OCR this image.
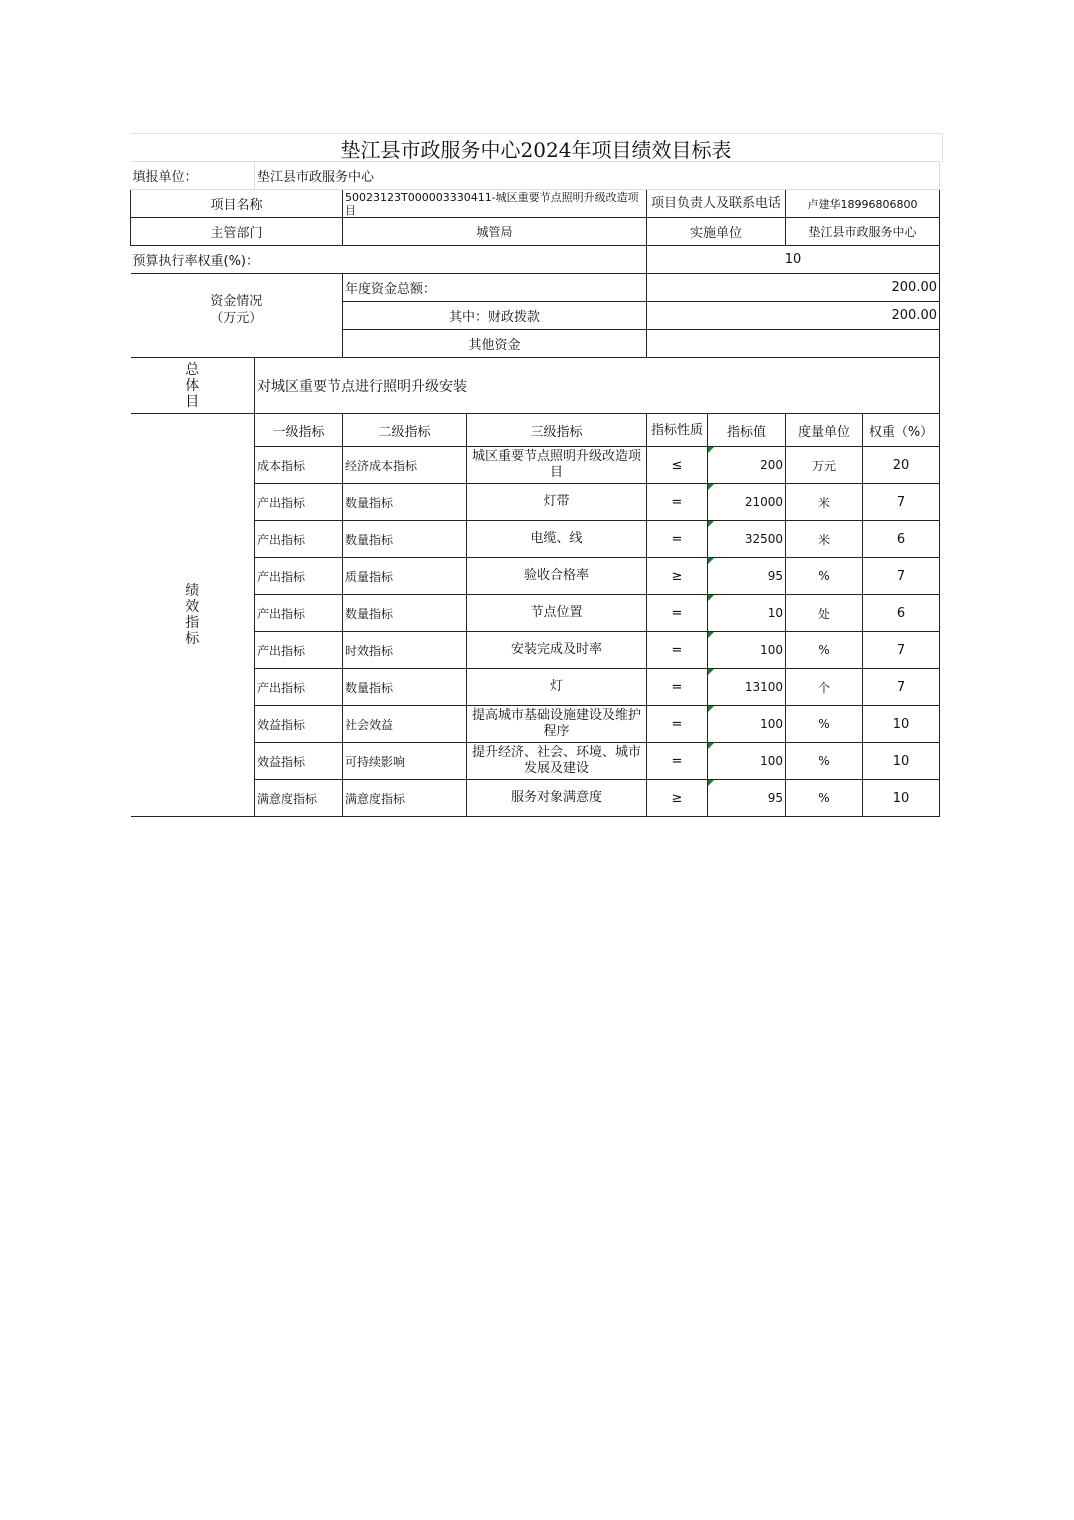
垫江县市政服务中心2024年项目绩效目标表
填报单位：	垫江县市政服务中心						
项目名称		50023123T000003330411-城区重要节点照明升级改造项目		项目负责人及联系电话		卢建华18996806800	
主管部门		城管局		实施单位		垫江县市政服务中心	
预算执行率权重(%)：				10			

资金情况
（万元）		年度资金总额：		200.00			
		其中：财政拨款		200.00			
		其他资金					
总
体
目	对城区重要节点进行照明升级安装						
绩
效
指
标	一级指标	二级指标	三级指标	指标性质	指标值	度量单位	权重（%）
	成本指标	经济成本指标	城区重要节点照明升级改造项目	≤	200	万元	20
	产出指标	数量指标	灯带	=	21000	米	7
	产出指标	数量指标	电缆、线	=	32500	米	6
	产出指标	质量指标	验收合格率	≥	95	%	7
	产出指标	数量指标	节点位置	=	10	处	6
	产出指标	时效指标	安装完成及时率	=	100	%	7
	产出指标	数量指标	灯	=	13100	个	7
	效益指标	社会效益	提高城市基础设施建设及维护程序	=	100	%	10
	效益指标	可持续影响	提升经济、社会、环境、城市发展及建设	=	100	%	10
	满意度指标	满意度指标	服务对象满意度	≥	95	%	10
